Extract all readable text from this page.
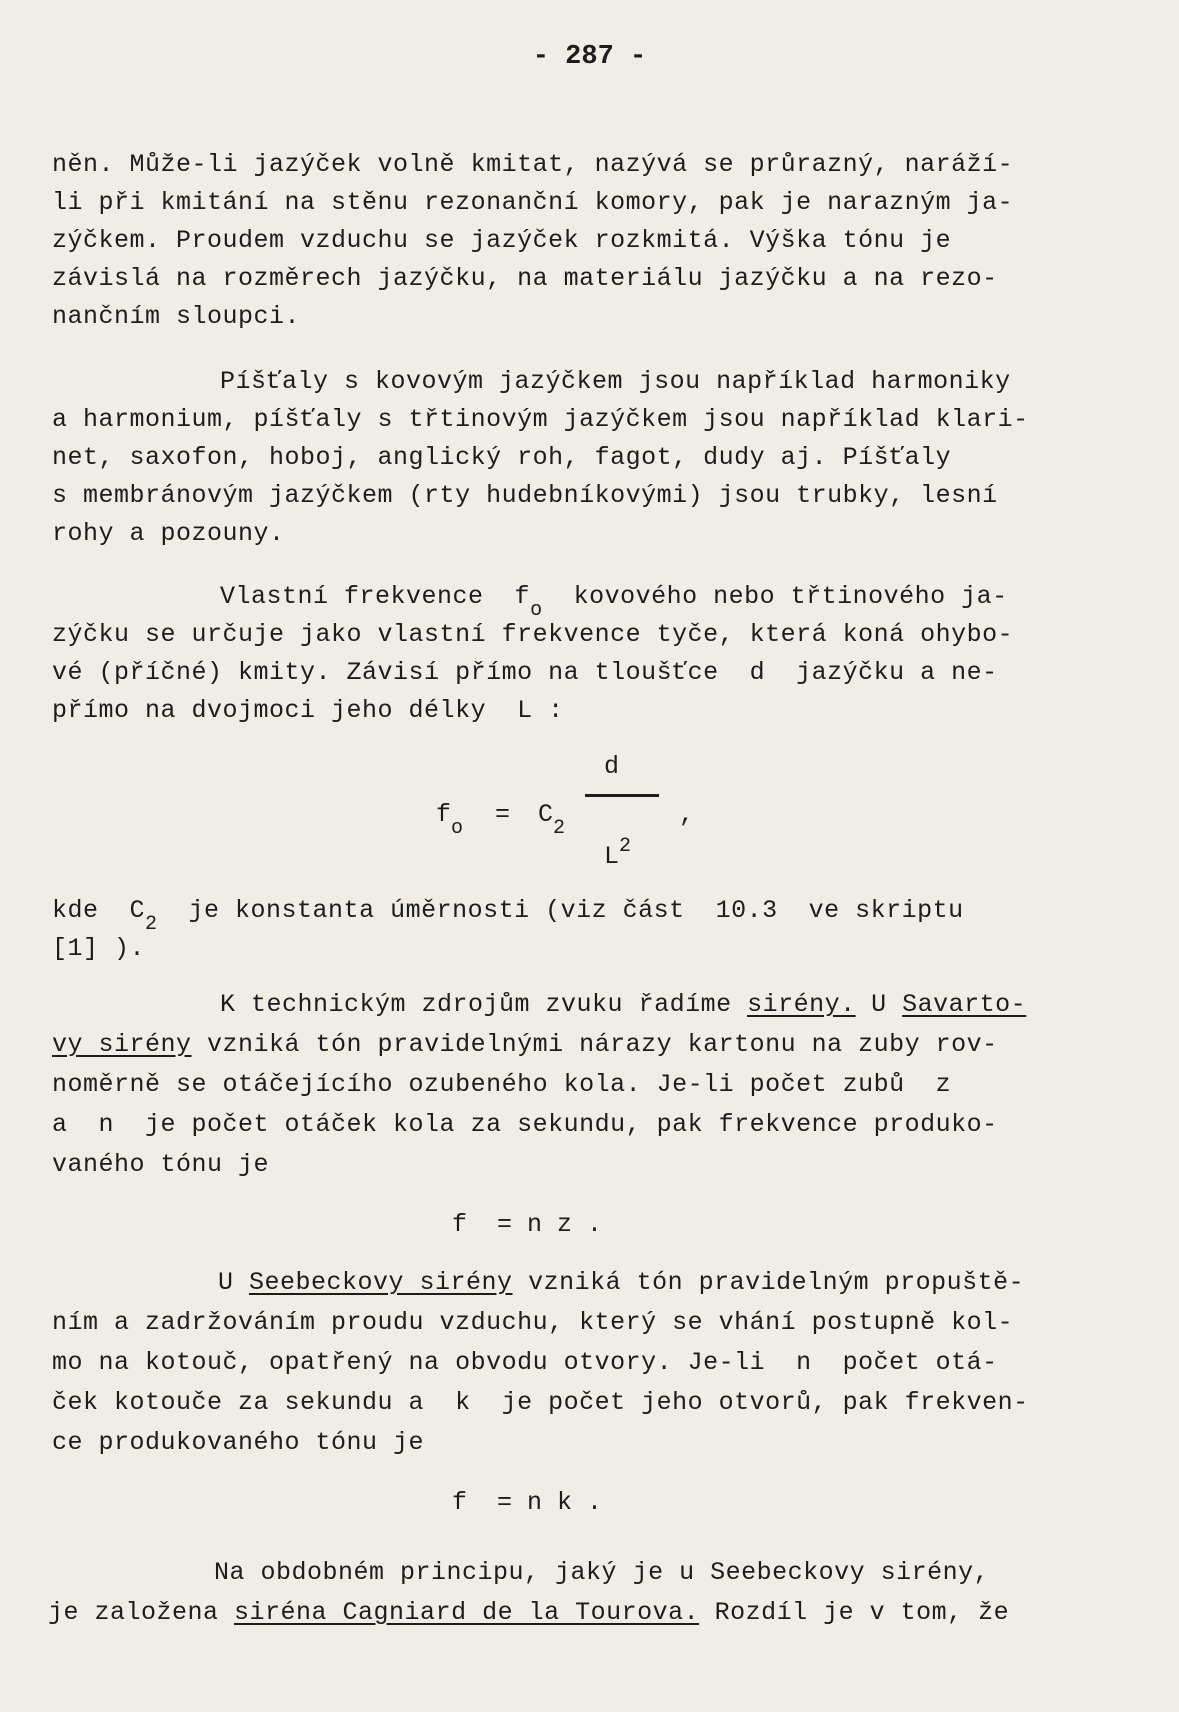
- 287 -
něn. Může-li jazýček volně kmitat, nazývá se průrazný, naráží-
li při kmitání na stěnu rezonanční komory, pak je narazným ja-
zýčkem. Proudem vzduchu se jazýček rozkmitá. Výška tónu je
závislá na rozměrech jazýčku, na materiálu jazýčku a na rezo-
nančním sloupci.
Píšťaly s kovovým jazýčkem jsou například harmoniky
a harmonium, píšťaly s třtinovým jazýčkem jsou například klari-
net, saxofon, hoboj, anglický roh, fagot, dudy aj. Píšťaly
s membránovým jazýčkem (rty hudebníkovými) jsou trubky, lesní
rohy a pozouny.
Vlastní frekvence  $f_o$  kovového nebo třtinového ja-
zýčku se určuje jako vlastní frekvence tyče, která koná ohybo-
vé (příčné) kmity. Závisí přímo na tloušťce  d  jazýčku a ne-
přímo na dvojmoci jeho délky  L :
$f_o = C_2$
d
$L^2$
,
kde  $C_2$  je konstanta úměrnosti (viz část  10.3  ve skriptu
[1] ).
K technickým zdrojům zvuku řadíme sirény. U Savarto-
vy sirény vzniká tón pravidelnými nárazy kartonu na zuby rov-
noměrně se otáčejícího ozubeného kola. Je-li počet zubů  z
a  n  je počet otáček kola za sekundu, pak frekvence produko-
vaného tónu je
f  = n z .
U Seebeckovy sirény vzniká tón pravidelným propuště-
ním a zadržováním proudu vzduchu, který se vhání postupně kol-
mo na kotouč, opatřený na obvodu otvory. Je-li  n  počet otá-
ček kotouče za sekundu a  k  je počet jeho otvorů, pak frekven-
ce produkovaného tónu je
f  = n k .
Na obdobném principu, jaký je u Seebeckovy sirény,
je založena siréna Cagniard de la Tourova. Rozdíl je v tom, že
